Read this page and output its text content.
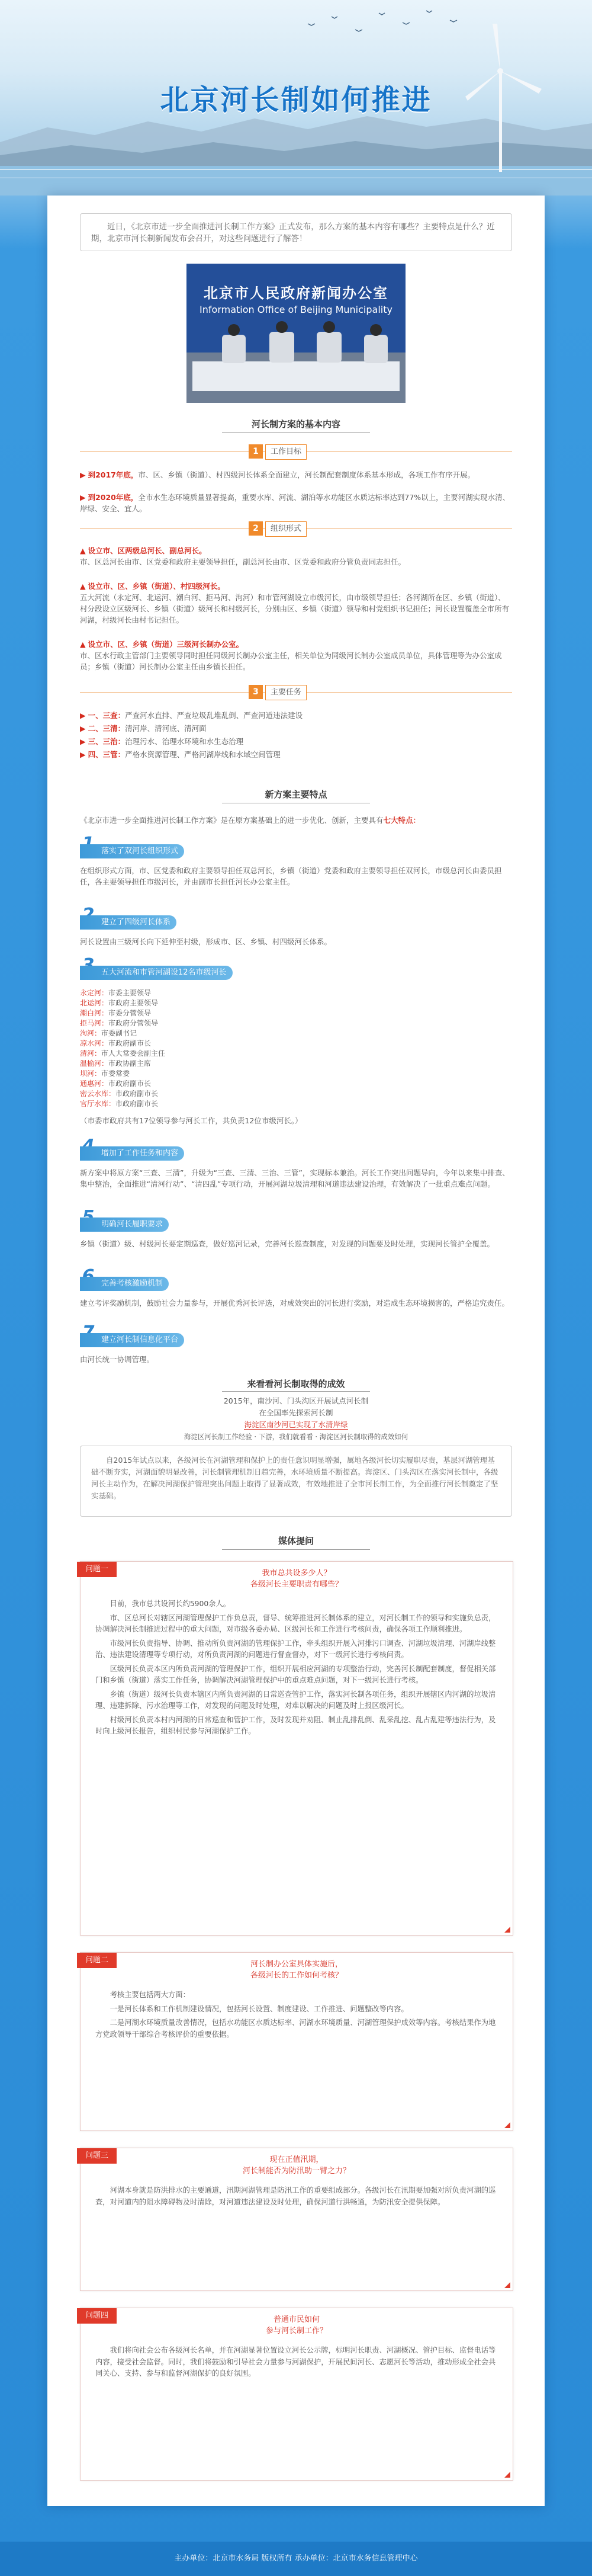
北京河长制如何推进
近日，《北京市进一步全面推进河长制工作方案》正式发布，那么方案的基本内容有哪些？主要特点是什么？近期，北京市河长制新闻发布会召开，对这些问题进行了解答！
北京市人民政府新闻办公室
Information Office of Beijing Municipality
河长制方案的基本内容
1	工作目标

▶ 到2017年底，市、区、乡镇（街道）、村四级河长体系全面建立，河长制配套制度体系基本形成，各项工作有序开展。

▶ 到2020年底，全市水生态环境质量显著提高，重要水库、河流、湖泊等水功能区水质达标率达到77%以上，主要河湖实现水清、岸绿、安全、宜人。

2	组织形式

▲ 设立市、区两级总河长、副总河长。
市、区总河长由市、区党委和政府主要领导担任，副总河长由市、区党委和政府分管负责同志担任。

▲ 设立市、区、乡镇（街道）、村四级河长。
五大河流（永定河、北运河、潮白河、拒马河、泃河）和市管河湖设立市级河长，由市级领导担任；各河湖所在区、乡镇（街道）、村分段设立区级河长、乡镇（街道）级河长和村级河长，分别由区、乡镇（街道）领导和村党组织书记担任；河长设置覆盖全市所有河湖，村级河长由村书记担任。

▲ 设立市、区、乡镇（街道）三级河长制办公室。
市、区水行政主管部门主要领导同时担任同级河长制办公室主任，相关单位为同级河长制办公室成员单位，具体管理等为办公室成员；乡镇（街道）河长制办公室主任由乡镇长担任。

3	主要任务

▶ 一、三查：严查河水直排、严查垃圾乱堆乱倒、严查河道违法建设

▶ 二、三清：清河岸、清河底、清河面

▶ 三、三治：治理污水、治理水环境和水生态治理

▶ 四、三管：严格水资源管理、严格河湖岸线和水域空间管理

新方案主要特点

《北京市进一步全面推进河长制工作方案》是在原方案基础上的进一步优化、创新，主要具有七大特点：

落实了双河长组织形式

在组织形式方面，市、区党委和政府主要领导担任双总河长，乡镇（街道）党委和政府主要领导担任双河长，市级总河长由委员担任，各主要领导担任市级河长，并由副市长担任河长办公室主任。

建立了四级河长体系

河长设置由三级河长向下延伸至村级，形成市、区、乡镇、村四级河长体系。

五大河流和市管河湖设12名市级河长
永定河：市委主要领导
北运河：市政府主要领导
潮白河：市委分管领导
拒马河：市政府分管领导
泃河：市委副书记
凉水河：市政府副市长
清河：市人大常委会副主任
温榆河：市政协副主席
坝河：市委常委
通惠河：市政府副市长
密云水库：市政府副市长
官厅水库：市政府副市长

（市委市政府共有17位领导参与河长工作，共负责12位市级河长。）

增加了工作任务和内容

新方案中将原方案“三查、三清”，升级为“三查、三清、三治、三管”，实现标本兼治。河长工作突出问题导向，今年以来集中排查、集中整治，全面推进“清河行动”、“清四乱”专项行动，开展河湖垃圾清理和河道违法建设治理，有效解决了一批重点难点问题。

明确河长履职要求

乡镇（街道）级、村级河长要定期巡查，做好巡河记录，完善河长巡查制度，对发现的问题要及时处理，实现河长管护全覆盖。

完善考核激励机制

建立考评奖励机制，鼓励社会力量参与，开展优秀河长评选，对成效突出的河长进行奖励，对造成生态环境损害的，严格追究责任。

建立河长制信息化平台

由河长统一协调管理。

来看看河长制取得的成效

2015年，南沙河、门头沟区开展试点河长制

在全国率先探索河长制

海淀区南沙河已实现了水清岸绿

海淀区河长制工作经验 · 下游，我们就看看 · 海淀区河长制取得的成效如何

自2015年试点以来，各级河长在河湖管理和保护上的责任意识明显增强，属地各级河长切实履职尽责，基层河湖管理基础不断夯实，河湖面貌明显改善，河长制管理机制日趋完善，水环境质量不断提高。海淀区、门头沟区在落实河长制中，各级河长主动作为，在解决河湖保护管理突出问题上取得了显著成效，有效地推进了全市河长制工作，为全面推行河长制奠定了坚实基础。
媒体提问
问题一	我市总共设多少人？

各级河长主要职责有哪些？

目前，我市总共设河长约5900余人。

市、区总河长对辖区河湖管理保护工作负总责，督导、统筹推进河长制体系的建立，对河长制工作的领导和实施负总责，协调解决河长制推进过程中的重大问题，对市级各委办局、区级河长和工作进行考核问责，确保各项工作顺利推进。

市级河长负责指导、协调、推动所负责河湖的管理保护工作，牵头组织开展入河排污口调查、河湖垃圾清理、河湖岸线整治、违法建设清理等专项行动，对所负责河湖的问题进行督查督办，对下一级河长进行考核问责。

区级河长负责本区内所负责河湖的管理保护工作，组织开展相应河湖的专项整治行动，完善河长制配套制度，督促相关部门和乡镇（街道）落实工作任务，协调解决河湖管理保护中的重点难点问题，对下一级河长进行考核。

乡镇（街道）级河长负责本辖区内所负责河湖的日常巡查管护工作，落实河长制各项任务，组织开展辖区内河湖的垃圾清理、违建拆除、污水治理等工作，对发现的问题及时处理，对难以解决的问题及时上报区级河长。

村级河长负责本村内河湖的日常巡查和管护工作，及时发现并劝阻、制止乱排乱倒、乱采乱挖、乱占乱建等违法行为，及时向上级河长报告，组织村民参与河湖保护工作。

问题二	河长制办公室具体实施后，

各级河长的工作如何考核？

考核主要包括两大方面：

一是河长体系和工作机制建设情况，包括河长设置、制度建设、工作推进、问题整改等内容。

二是河湖水环境质量改善情况，包括水功能区水质达标率、河湖水环境质量、河湖管理保护成效等内容。考核结果作为地方党政领导干部综合考核评价的重要依据。

问题三	现在正值汛期，

河长制能否为防汛助一臂之力？

河湖本身就是防洪排水的主要通道，汛期河湖管理是防汛工作的重要组成部分。各级河长在汛期要加强对所负责河湖的巡查，对河道内的阻水障碍物及时清除，对河道违法建设及时处理，确保河道行洪畅通，为防汛安全提供保障。

问题四	普通市民如何

参与河长制工作？

我们将向社会公布各级河长名单，并在河湖显著位置设立河长公示牌，标明河长职责、河湖概况、管护目标、监督电话等内容，接受社会监督。同时，我们将鼓励和引导社会力量参与河湖保护，开展民间河长、志愿河长等活动，推动形成全社会共同关心、支持、参与和监督河湖保护的良好氛围。

主办单位：北京市水务局 版权所有 承办单位：北京市水务信息管理中心
